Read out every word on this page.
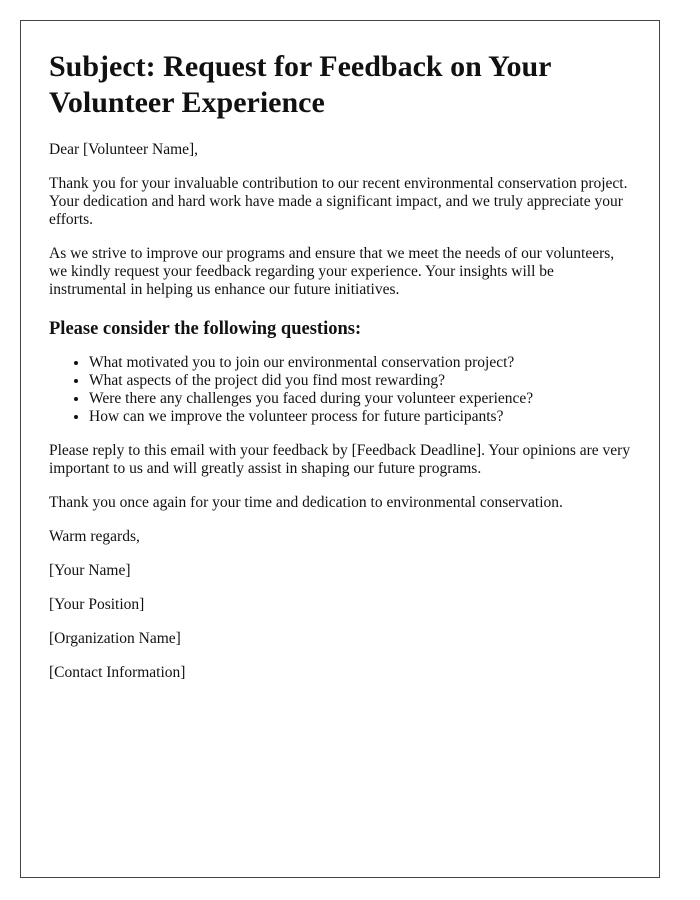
Subject: Request for Feedback on Your Volunteer Experience

Dear [Volunteer Name],

Thank you for your invaluable contribution to our recent environmental conservation project. Your dedication and hard work have made a significant impact, and we truly appreciate your efforts.

As we strive to improve our programs and ensure that we meet the needs of our volunteers, we kindly request your feedback regarding your experience. Your insights will be instrumental in helping us enhance our future initiatives.

Please consider the following questions:
• What motivated you to join our environmental conservation project?
• What aspects of the project did you find most rewarding?
• Were there any challenges you faced during your volunteer experience?
• How can we improve the volunteer process for future participants?

Please reply to this email with your feedback by [Feedback Deadline]. Your opinions are very important to us and will greatly assist in shaping our future programs.

Thank you once again for your time and dedication to environmental conservation.

Warm regards,

[Your Name]

[Your Position]

[Organization Name]

[Contact Information]
